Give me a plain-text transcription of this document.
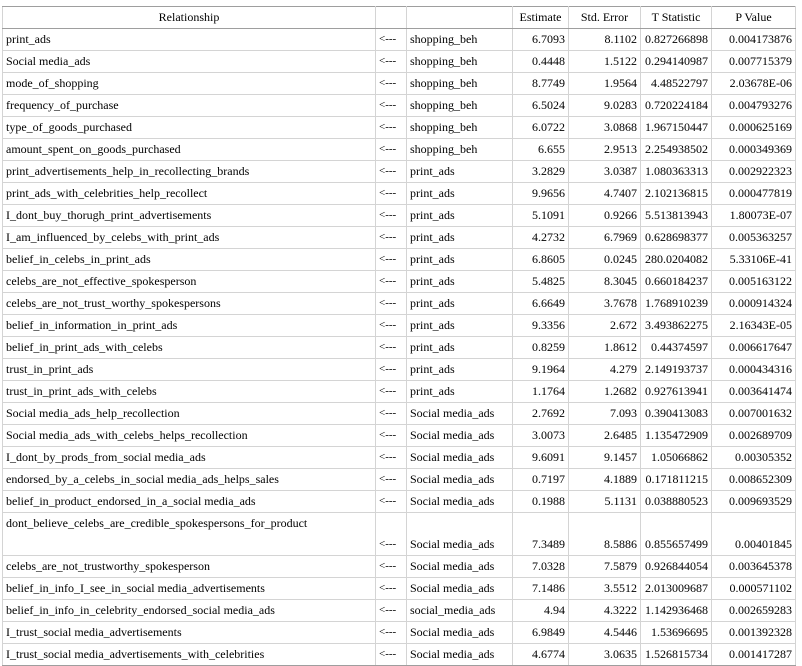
Relationship			Estimate	Std. Error	T Statistic	P Value
print_ads	<---	shopping_beh	6.7093	8.1102	0.827266898	0.004173876
Social media_ads	<---	shopping_beh	0.4448	1.5122	0.294140987	0.007715379
mode_of_shopping	<---	shopping_beh	8.7749	1.9564	4.48522797	2.03678E-06
frequency_of_purchase	<---	shopping_beh	6.5024	9.0283	0.720224184	0.004793276
type_of_goods_purchased	<---	shopping_beh	6.0722	3.0868	1.967150447	0.000625169
amount_spent_on_goods_purchased	<---	shopping_beh	6.655	2.9513	2.254938502	0.000349369
print_advertisements_help_in_recollecting_brands	<---	print_ads	3.2829	3.0387	1.080363313	0.002922323
print_ads_with_celebrities_help_recollect	<---	print_ads	9.9656	4.7407	2.102136815	0.000477819
I_dont_buy_thorugh_print_advertisements	<---	print_ads	5.1091	0.9266	5.513813943	1.80073E-07
I_am_influenced_by_celebs_with_print_ads	<---	print_ads	4.2732	6.7969	0.628698377	0.005363257
belief_in_celebs_in_print_ads	<---	print_ads	6.8605	0.0245	280.0204082	5.33106E-41
celebs_are_not_effective_spokesperson	<---	print_ads	5.4825	8.3045	0.660184237	0.005163122
celebs_are_not_trust_worthy_spokespersons	<---	print_ads	6.6649	3.7678	1.768910239	0.000914324
belief_in_information_in_print_ads	<---	print_ads	9.3356	2.672	3.493862275	2.16343E-05
belief_in_print_ads_with_celebs	<---	print_ads	0.8259	1.8612	0.44374597	0.006617647
trust_in_print_ads	<---	print_ads	9.1964	4.279	2.149193737	0.000434316
trust_in_print_ads_with_celebs	<---	print_ads	1.1764	1.2682	0.927613941	0.003641474
Social media_ads_help_recollection	<---	Social media_ads	2.7692	7.093	0.390413083	0.007001632
Social media_ads_with_celebs_helps_recollection	<---	Social media_ads	3.0073	2.6485	1.135472909	0.002689709
I_dont_by_prods_from_social media_ads	<---	Social media_ads	9.6091	9.1457	1.05066862	0.00305352
endorsed_by_a_celebs_in_social media_ads_helps_sales	<---	Social media_ads	0.7197	4.1889	0.171811215	0.008652309
belief_in_product_endorsed_in_a_social media_ads	<---	Social media_ads	0.1988	5.1131	0.038880523	0.009693529
dont_believe_celebs_are_credible_spokespersons_for_product	<---	Social media_ads	7.3489	8.5886	0.855657499	0.00401845
celebs_are_not_trustworthy_spokesperson	<---	Social media_ads	7.0328	7.5879	0.926844054	0.003645378
belief_in_info_I_see_in_social media_advertisements	<---	Social media_ads	7.1486	3.5512	2.013009687	0.000571102
belief_in_info_in_celebrity_endorsed_social media_ads	<---	social_media_ads	4.94	4.3222	1.142936468	0.002659283
I_trust_social media_advertisements	<---	Social media_ads	6.9849	4.5446	1.53696695	0.001392328
I_trust_social media_advertisements_with_celebrities	<---	Social media_ads	4.6774	3.0635	1.526815734	0.001417287
